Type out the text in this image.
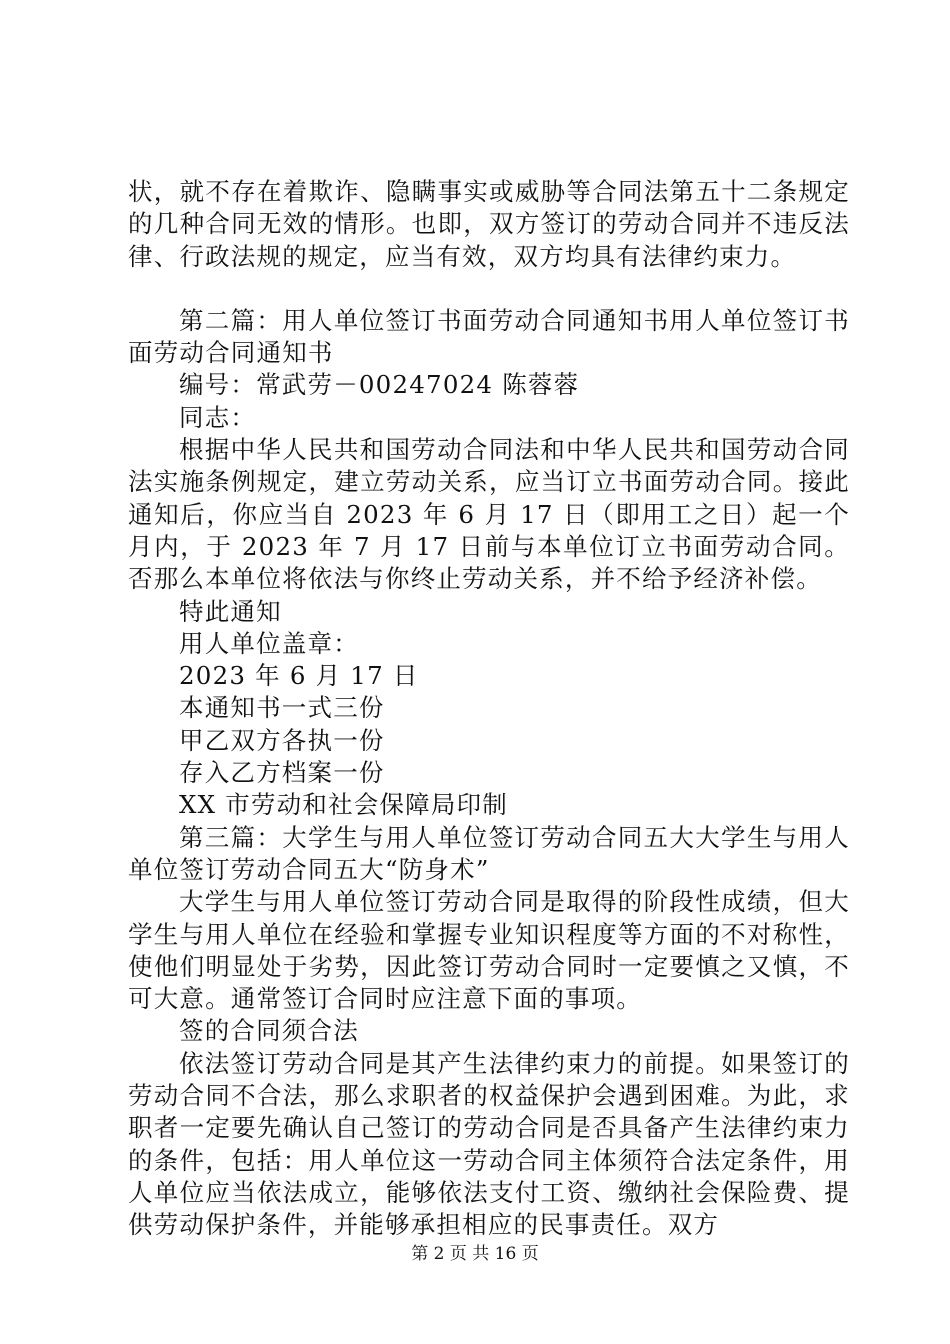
状，就不存在着欺诈、隐瞒事实或威胁等合同法第五十二条规定的几种合同无效的情形。也即，双方签订的劳动合同并不违反法律、行政法规的规定，应当有效，双方均具有法律约束力。

第二篇：用人单位签订书面劳动合同通知书用人单位签订书面劳动合同通知书

编号：常武劳－00247024 陈蓉蓉

同志：

根据中华人民共和国劳动合同法和中华人民共和国劳动合同法实施条例规定，建立劳动关系，应当订立书面劳动合同。接此通知后，你应当自 2023 年 6 月 17 日（即用工之日）起一个月内，于 2023 年 7 月 17 日前与本单位订立书面劳动合同。否那么本单位将依法与你终止劳动关系，并不给予经济补偿。

特此通知

用人单位盖章：

2023 年 6 月 17 日

本通知书一式三份

甲乙双方各执一份

存入乙方档案一份

XX 市劳动和社会保障局印制

第三篇：大学生与用人单位签订劳动合同五大大学生与用人单位签订劳动合同五大“防身术”

大学生与用人单位签订劳动合同是取得的阶段性成绩，但大学生与用人单位在经验和掌握专业知识程度等方面的不对称性，使他们明显处于劣势，因此签订劳动合同时一定要慎之又慎，不可大意。通常签订合同时应注意下面的事项。

签的合同须合法

依法签订劳动合同是其产生法律约束力的前提。如果签订的劳动合同不合法，那么求职者的权益保护会遇到困难。为此，求职者一定要先确认自己签订的劳动合同是否具备产生法律约束力的条件，包括：用人单位这一劳动合同主体须符合法定条件，用人单位应当依法成立，能够依法支付工资、缴纳社会保险费、提供劳动保护条件，并能够承担相应的民事责任。双方

第 2 页 共 16 页
